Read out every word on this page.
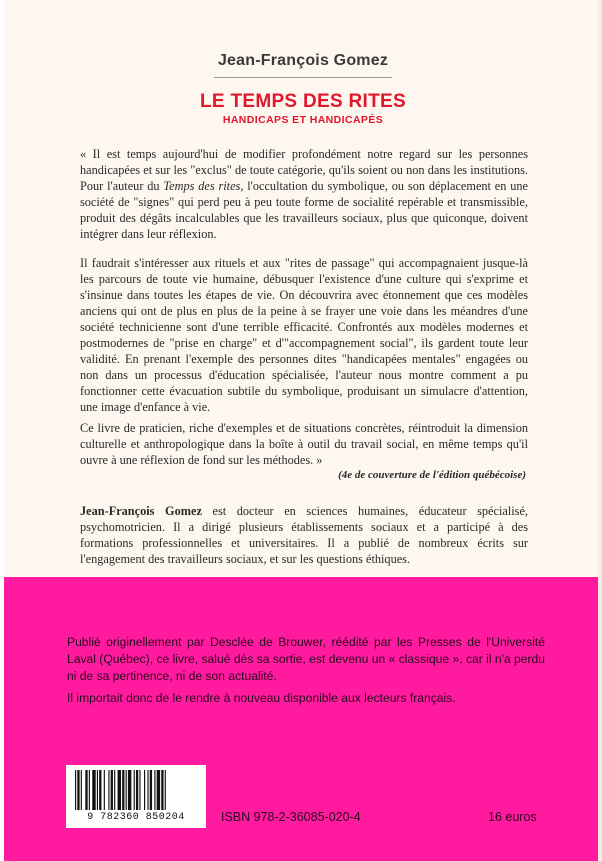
Jean-François Gomez
LE TEMPS DES RITES
HANDICAPS ET HANDICAPÉS
« Il est temps aujourd'hui de modifier profondément notre regard sur les personnes handicapées et sur les "exclus" de toute catégorie, qu'ils soient ou non dans les institutions. Pour l'auteur du Temps des rites, l'occultation du symbolique, ou son déplacement en une société de "signes" qui perd peu à peu toute forme de socialité repérable et transmissible, produit des dégâts incalculables que les travailleurs sociaux, plus que quiconque, doivent intégrer dans leur réflexion.
Il faudrait s'intéresser aux rituels et aux "rites de passage" qui accompagnaient jusque-là les parcours de toute vie humaine, débusquer l'existence d'une culture qui s'exprime et s'insinue dans toutes les étapes de vie. On découvrira avec étonnement que ces modèles anciens qui ont de plus en plus de la peine à se frayer une voie dans les méandres d'une société technicienne sont d'une terrible efficacité. Confrontés aux modèles modernes et postmodernes de "prise en charge" et d'"accompagnement social", ils gardent toute leur validité. En prenant l'exemple des personnes dites "handicapées mentales" engagées ou non dans un processus d'éducation spécialisée, l'auteur nous montre comment a pu fonctionner cette évacuation subtile du symbolique, produisant un simulacre d'attention, une image d'enfance à vie.
Ce livre de praticien, riche d'exemples et de situations concrètes, réintroduit la dimension culturelle et anthropologique dans la boîte à outil du travail social, en même temps qu'il ouvre à une réflexion de fond sur les méthodes. »
(4e de couverture de l'édition québécoise)
Jean-François Gomez est docteur en sciences humaines, éducateur spécialisé, psychomotricien. Il a dirigé plusieurs établissements sociaux et a participé à des formations professionnelles et universitaires. Il a publié de nombreux écrits sur l'engagement des travailleurs sociaux, et sur les questions éthiques.
Publié originellement par Desclée de Brouwer, réédité par les Presses de l'Université Laval (Québec), ce livre, salué dès sa sortie, est devenu un « classique », car il n'a perdu ni de sa pertinence, ni de son actualité.
Il importait donc de le rendre à nouveau disponible aux lecteurs français.
9 782360 850204	ISBN 978-2-36085-020-4	16 euros
